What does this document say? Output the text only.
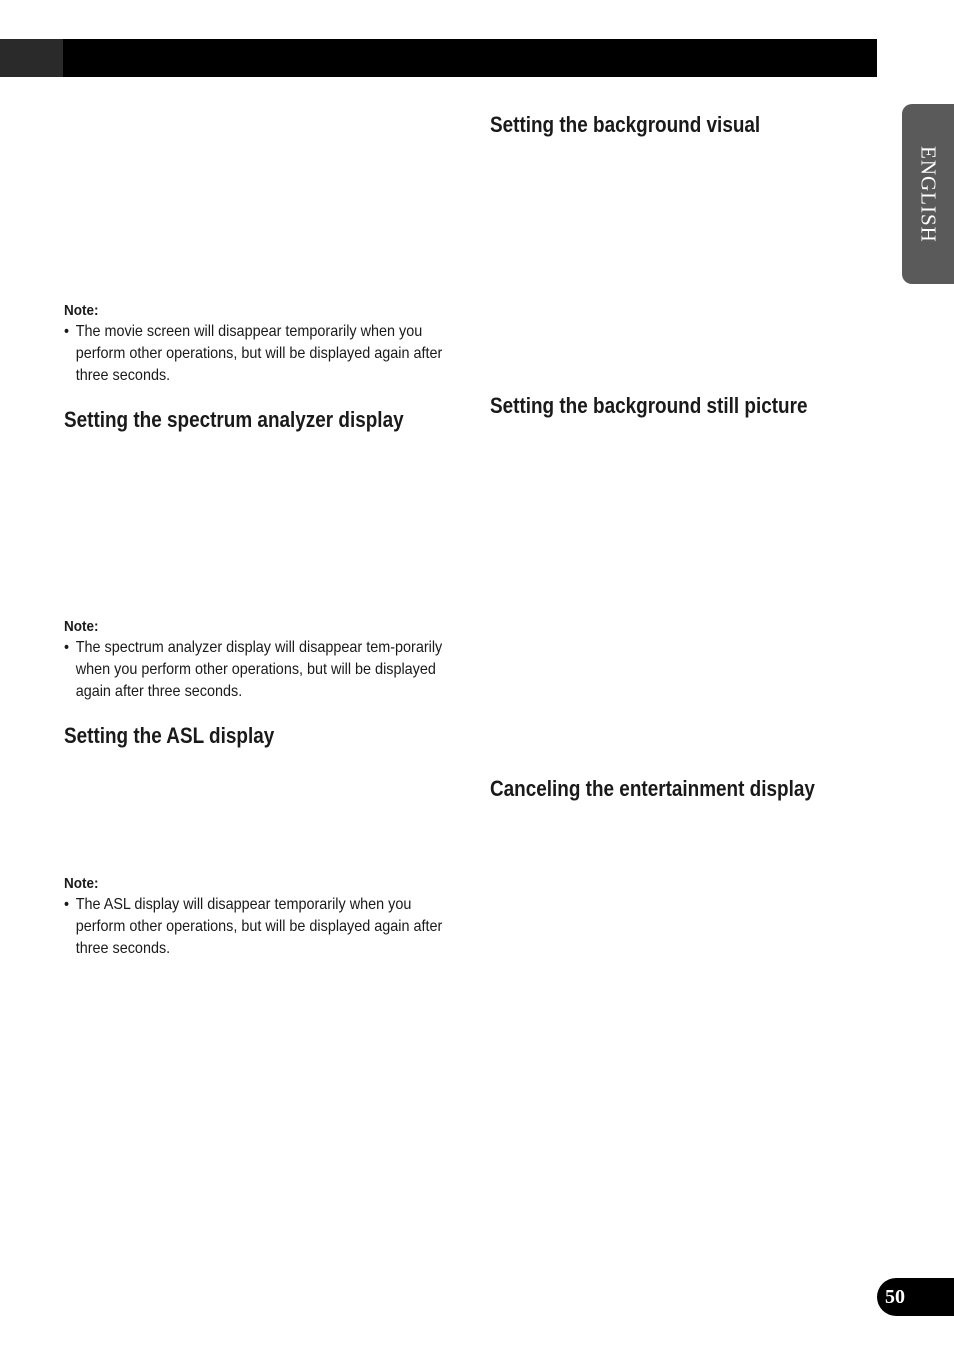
ENGLISH
Note:
• The movie screen will disappear temporarily when you perform other operations, but will be displayed again after three seconds.
Setting the spectrum analyzer display
Note:
• The spectrum analyzer display will disappear tem-porarily when you perform other operations, but will be displayed again after three seconds.
Setting the ASL display
Note:
• The ASL display will disappear temporarily when you perform other operations, but will be displayed again after three seconds.
Setting the background visual
Setting the background still picture
Canceling the entertainment display
50
